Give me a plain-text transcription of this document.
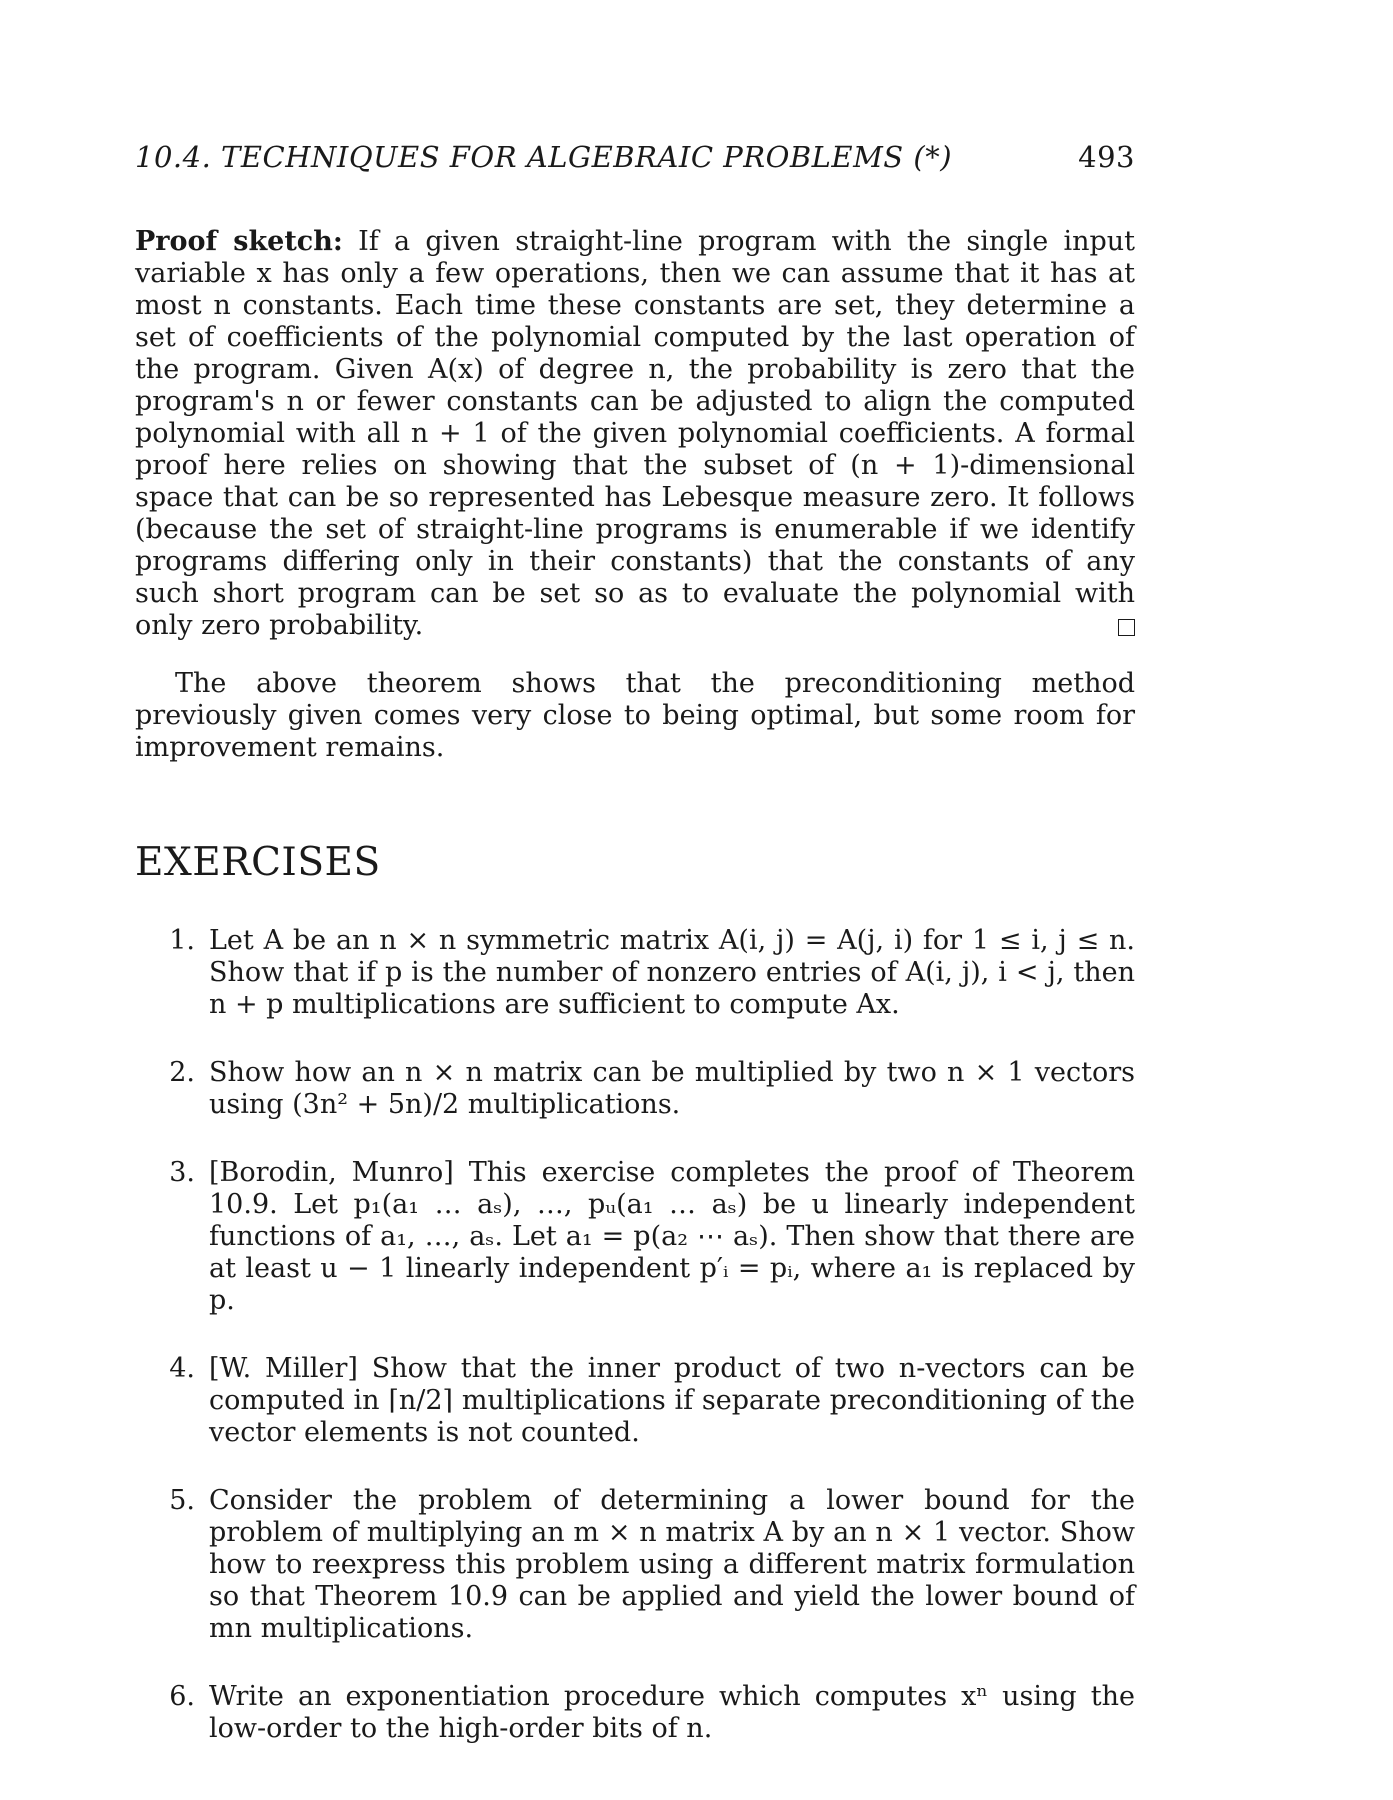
10.4. TECHNIQUES FOR ALGEBRAIC PROBLEMS (*)	493

Proof sketch: If a given straight-line program with the single input variable x has only a few operations, then we can assume that it has at most n constants. Each time these constants are set, they determine a set of coefficients of the polynomial computed by the last operation of the program. Given A(x) of degree n, the probability is zero that the program's n or fewer constants can be adjusted to align the computed polynomial with all n + 1 of the given polynomial coefficients. A formal proof here relies on showing that the subset of (n + 1)-dimensional space that can be so represented has Lebesque measure zero. It follows (because the set of straight-line programs is enumerable if we identify programs differing only in their constants) that the constants of any such short program can be set so as to evaluate the polynomial with only zero probability.

The above theorem shows that the preconditioning method previously given comes very close to being optimal, but some room for improvement remains.

EXERCISES
1. Let A be an n × n symmetric matrix A(i, j) = A(j, i) for 1 ≤ i, j ≤ n. Show that if p is the number of nonzero entries of A(i, j), i < j, then n + p multiplications are sufficient to compute Ax.
2. Show how an n × n matrix can be multiplied by two n × 1 vectors using (3n² + 5n)/2 multiplications.
3. [Borodin, Munro] This exercise completes the proof of Theorem 10.9. Let p₁(a₁ … aₛ), …, pᵤ(a₁ … aₛ) be u linearly independent functions of a₁, …, aₛ. Let a₁ = p(a₂ ⋯ aₛ). Then show that there are at least u − 1 linearly independent p′ᵢ = pᵢ, where a₁ is replaced by p.
4. [W. Miller] Show that the inner product of two n-vectors can be computed in ⌈n/2⌉ multiplications if separate preconditioning of the vector elements is not counted.
5. Consider the problem of determining a lower bound for the problem of multiplying an m × n matrix A by an n × 1 vector. Show how to reexpress this problem using a different matrix formulation so that Theorem 10.9 can be applied and yield the lower bound of mn multiplications.
6. Write an exponentiation procedure which computes xⁿ using the low-order to the high-order bits of n.
